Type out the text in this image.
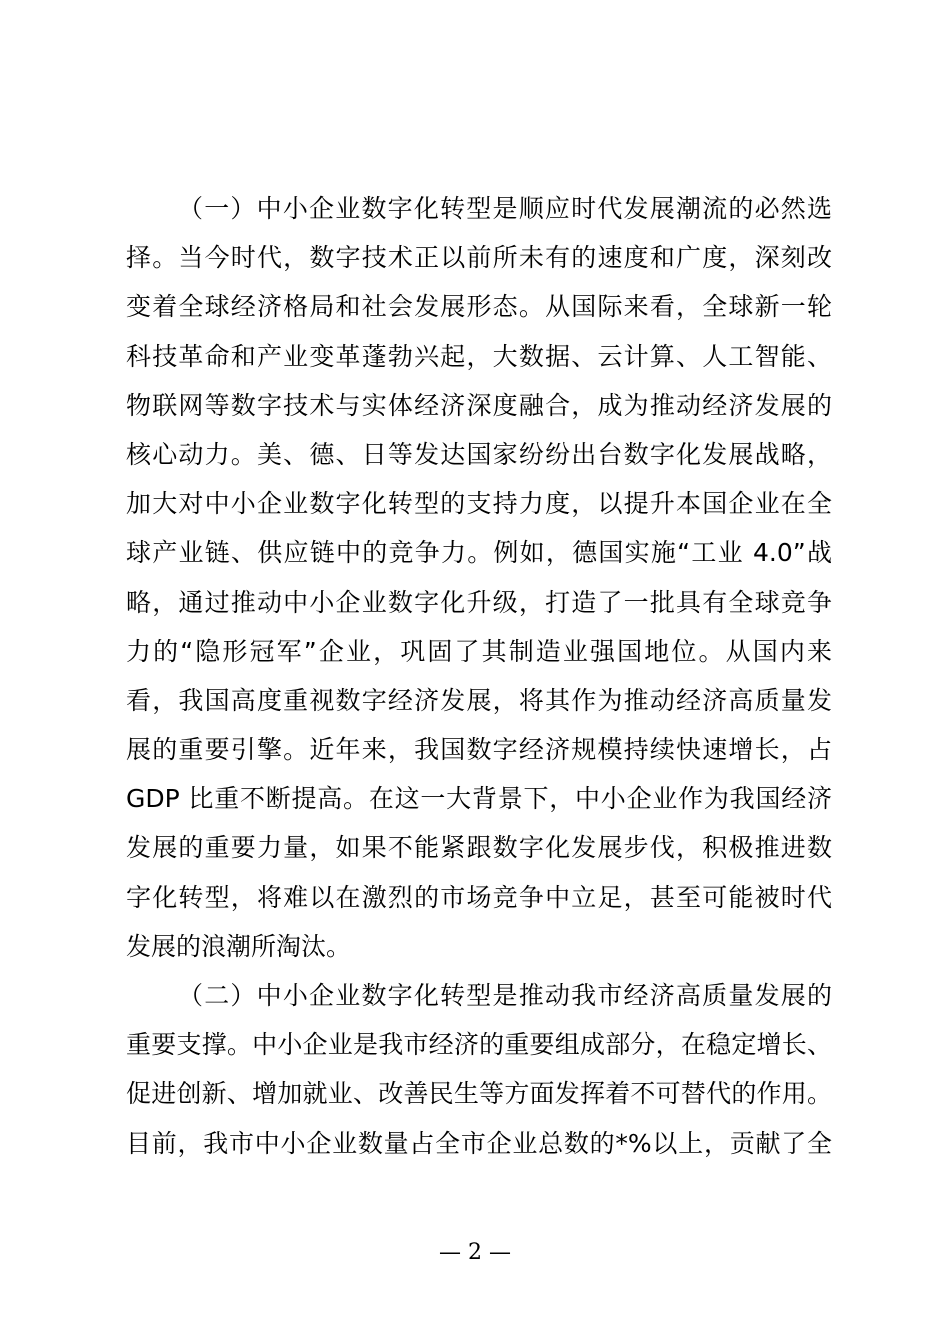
（一）中小企业数字化转型是顺应时代发展潮流的必然选
择。当今时代，数字技术正以前所未有的速度和广度，深刻改
变着全球经济格局和社会发展形态。从国际来看，全球新一轮
科技革命和产业变革蓬勃兴起，大数据、云计算、人工智能、
物联网等数字技术与实体经济深度融合，成为推动经济发展的
核心动力。美、德、日等发达国家纷纷出台数字化发展战略，
加大对中小企业数字化转型的支持力度，以提升本国企业在全
球产业链、供应链中的竞争力。例如，德国实施“工业 4.0”战
略，通过推动中小企业数字化升级，打造了一批具有全球竞争
力的“隐形冠军”企业，巩固了其制造业强国地位。从国内来
看，我国高度重视数字经济发展，将其作为推动经济高质量发
展的重要引擎。近年来，我国数字经济规模持续快速增长，占
GDP 比重不断提高。在这一大背景下，中小企业作为我国经济
发展的重要力量，如果不能紧跟数字化发展步伐，积极推进数
字化转型，将难以在激烈的市场竞争中立足，甚至可能被时代
发展的浪潮所淘汰。
（二）中小企业数字化转型是推动我市经济高质量发展的
重要支撑。中小企业是我市经济的重要组成部分，在稳定增长、
促进创新、增加就业、改善民生等方面发挥着不可替代的作用。
目前，我市中小企业数量占全市企业总数的*%以上，贡献了全
— 2 —
